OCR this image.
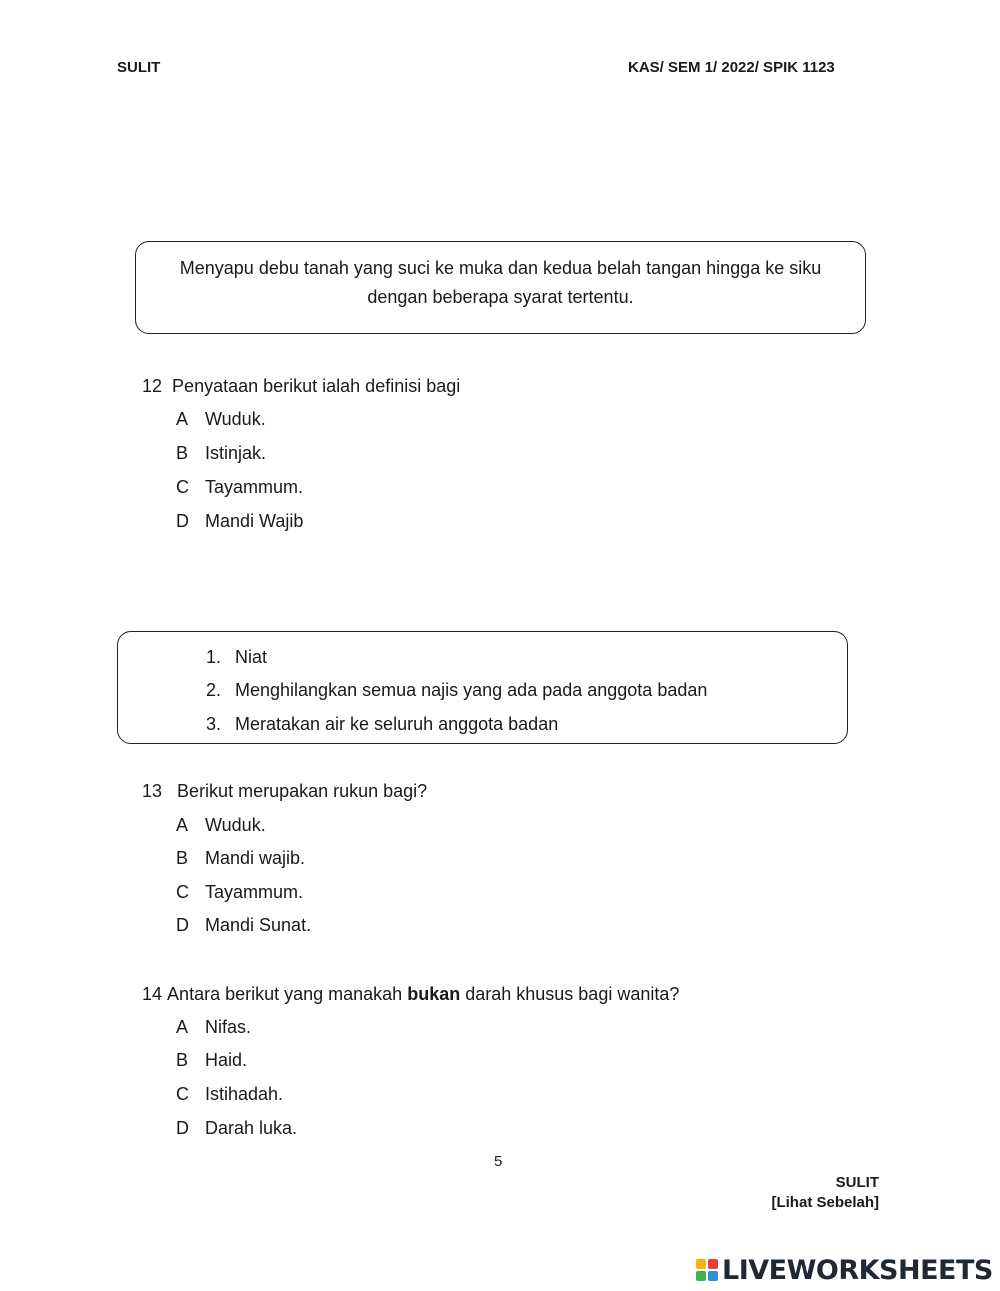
SULIT	KAS/ SEM 1/ 2022/ SPIK 1123

Menyapu debu tanah yang suci ke muka dan kedua belah tangan hingga ke siku dengan beberapa syarat tertentu.

12 Penyataan berikut ialah definisi bagi
A Wuduk.
B Istinjak.
C Tayammum.
D Mandi Wajib
1. Niat
2. Menghilangkan semua najis yang ada pada anggota badan
3. Meratakan air ke seluruh anggota badan
13 Berikut merupakan rukun bagi?
A Wuduk.
B Mandi wajib.
C Tayammum.
D Mandi Sunat.
14 Antara berikut yang manakah bukan darah khusus bagi wanita?
A Nifas.
B Haid.
C Istihadah.
D Darah luka.
5
SULIT
[Lihat Sebelah]
LIVEWORKSHEETS
